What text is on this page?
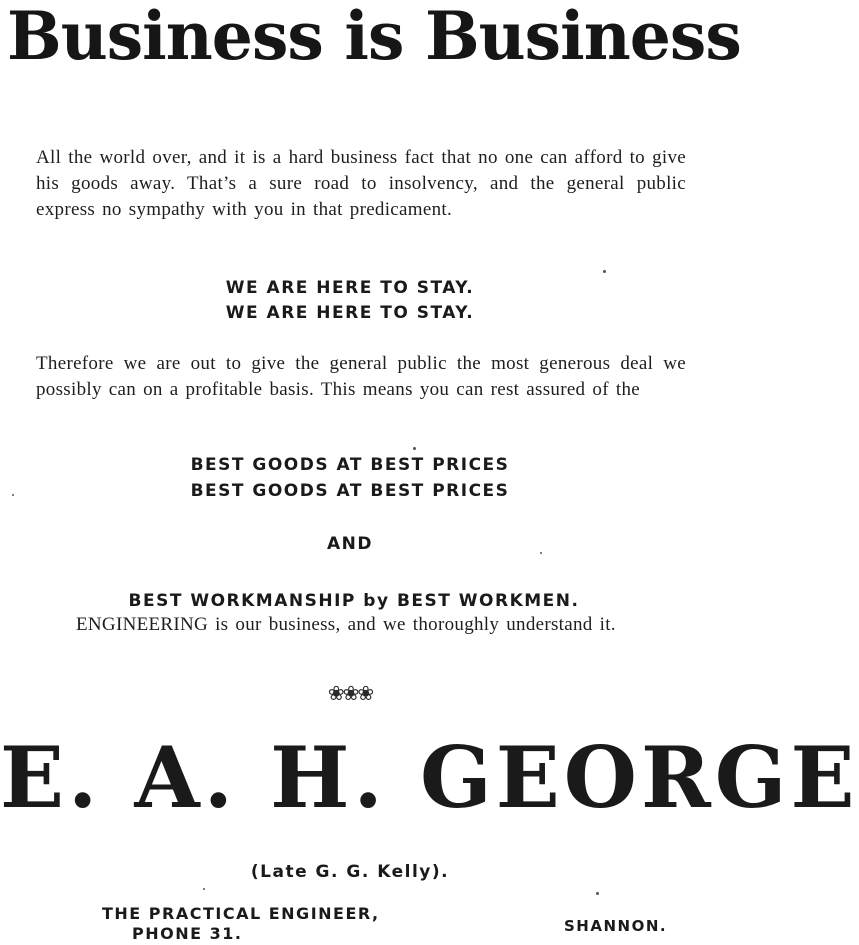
Business is Business

All the world over, and it is a hard business fact that no one can afford to give his goods away. That’s a sure road to insolvency, and the general public express no sympathy with you in that predicament.

WE ARE HERE TO STAY.
WE ARE HERE TO STAY.

Therefore we are out to give the general public the most generous deal we possibly can on a profitable basis. This means you can rest assured of the

BEST GOODS AT BEST PRICES
BEST GOODS AT BEST PRICES
AND
BEST WORKMANSHIP by BEST WORKMEN.

ENGINEERING is our business, and we thoroughly understand it.

❀❀❀
E. A. H. GEORGE
(Late G. G. Kelly).
THE PRACTICAL ENGINEER,
PHONE 31.	SHANNON.
